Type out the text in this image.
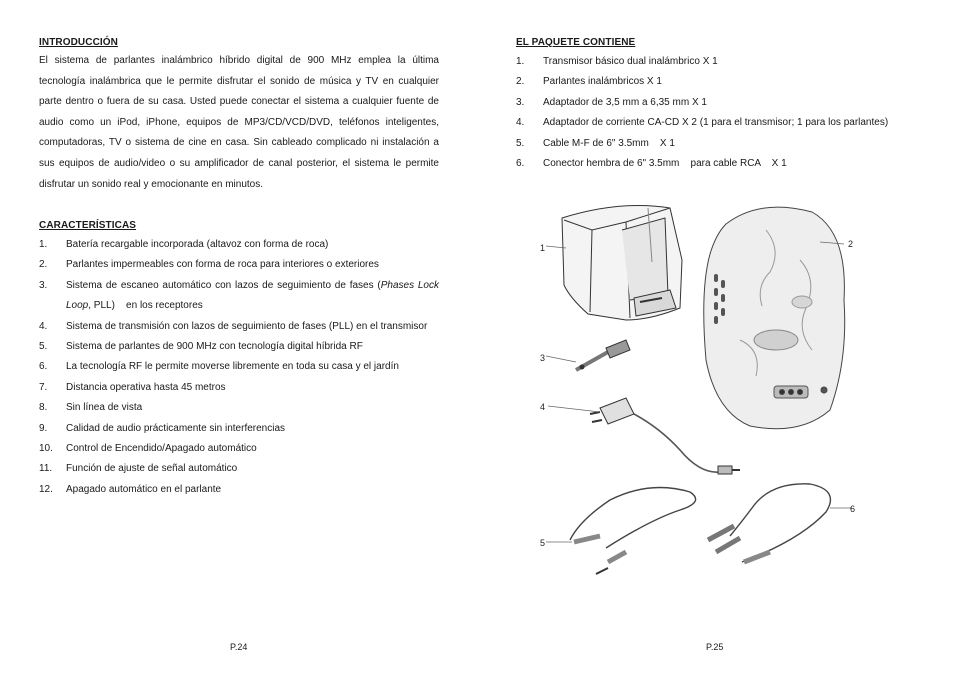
INTRODUCCIÓN

El sistema de parlantes inalámbrico híbrido digital de 900 MHz emplea la última tecnología inalámbrica que le permite disfrutar el sonido de música y TV en cualquier parte dentro o fuera de su casa. Usted puede conectar el sistema a cualquier fuente de audio como un iPod, iPhone, equipos de MP3/CD/VCD/DVD, teléfonos inteligentes, computadoras, TV o sistema de cine en casa. Sin cableado complicado ni instalación a sus equipos de audio/video o su amplificador de canal posterior, el sistema le permite disfrutar un sonido real y emocionante en minutos.

CARACTERÍSTICAS
1. Batería recargable incorporada (altavoz con forma de roca)
2. Parlantes impermeables con forma de roca para interiores o exteriores
3. Sistema de escaneo automático con lazos de seguimiento de fases (Phases Lock Loop, PLL)    en los receptores
4. Sistema de transmisión con lazos de seguimiento de fases (PLL) en el transmisor
5. Sistema de parlantes de 900 MHz con tecnología digital híbrida RF
6. La tecnología RF le permite moverse libremente en toda su casa y el jardín
7. Distancia operativa hasta 45 metros
8. Sin línea de vista
9. Calidad de audio prácticamente sin interferencias
10. Control de Encendido/Apagado automático
11. Función de ajuste de señal automático
12. Apagado automático en el parlante
P.24
EL PAQUETE CONTIENE
1. Transmisor básico dual inalámbrico X 1
2. Parlantes inalámbricos X 1
3. Adaptador de 3,5 mm a 6,35 mm X 1
4. Adaptador de corriente CA-CD X 2 (1 para el transmisor; 1 para los parlantes)
5. Cable M-F de 6" 3.5mm    X 1
6. Conector hembra de 6" 3.5mm    para cable RCA    X 1
P.25
1	2
3
4
5
6
